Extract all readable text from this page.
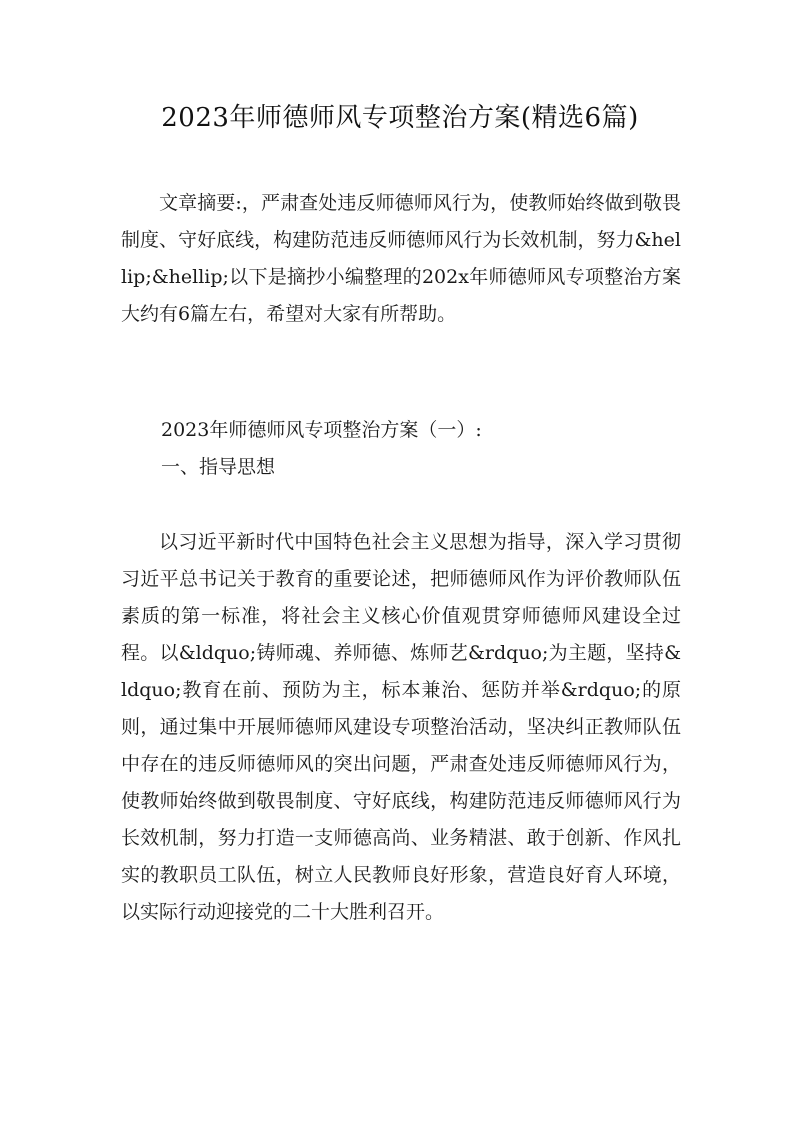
2023年师德师风专项整治方案(精选6篇)

文章摘要:，严肃查处违反师德师风行为，使教师始终做到敬畏制度、守好底线，构建防范违反师德师风行为长效机制，努力&hellip;&hellip;以下是摘抄小编整理的202x年师德师风专项整治方案大约有6篇左右，希望对大家有所帮助。

2023年师德师风专项整治方案（一）:

一、指导思想

以习近平新时代中国特色社会主义思想为指导，深入学习贯彻习近平总书记关于教育的重要论述，把师德师风作为评价教师队伍素质的第一标准，将社会主义核心价值观贯穿师德师风建设全过程。以&ldquo;铸师魂、养师德、炼师艺&rdquo;为主题，坚持&ldquo;教育在前、预防为主，标本兼治、惩防并举&rdquo;的原则，通过集中开展师德师风建设专项整治活动，坚决纠正教师队伍中存在的违反师德师风的突出问题，严肃查处违反师德师风行为，使教师始终做到敬畏制度、守好底线，构建防范违反师德师风行为长效机制，努力打造一支师德高尚、业务精湛、敢于创新、作风扎实的教职员工队伍，树立人民教师良好形象，营造良好育人环境，以实际行动迎接党的二十大胜利召开。
